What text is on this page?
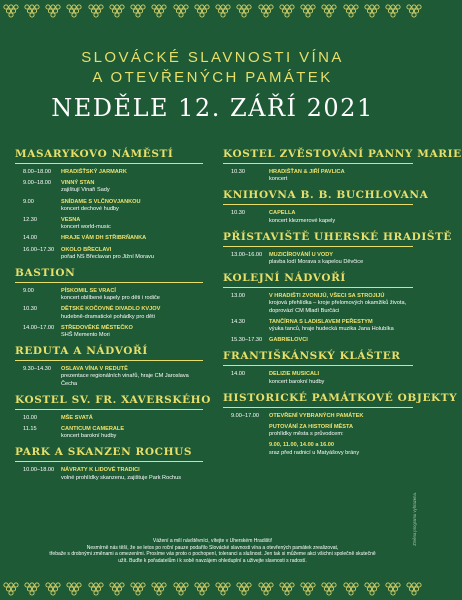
SLOVÁCKÉ SLAVNOSTI VÍNA
A OTEVŘENÝCH PAMÁTEK
NEDĚLE 12. ZÁŘÍ 2021
MASARYKOVO NÁMĚSTÍ
8.00–18.00	HRADIŠŤSKÝ JARMARK
9.00–18.00	VINNÝ STAN
zajištují Vinaři Sady
9.00	SNÍDAME S VLČNOVJANKOU
koncert dechové hudby
12.30	VESNA
koncert world-music
14.00	HRAJE VÁM DH STŘIBRŇANKA
16.00–17.30	OKOLO BŘECLAVI
pořad NS Břeclavan pro Jižní Moravu
BASTION
9.00	PÍSKOMIL SE VRACÍ
koncert oblíbené kapely pro děti i rodiče
10.30	DĚTSKÉ KOČOVNÉ DIVADLO KVJOV
hudebně-dramatické pohádky pro děti
14.00–17.00	STŘEDOVĚKÉ MĚSTEČKO
SHŠ Memento Mori
REDUTA A NÁDVOŘÍ
9.30–14.30	OSLAVA VÍNA V REDUTĚ
prezentace regionálních vinařů, hraje CM Jaroslava Čecha
KOSTEL SV. FR. XAVERSKÉHO
10.00	MŠE SVATÁ
11.15	CANTICUM CAMERALE
koncert barokní hudby
PARK A SKANZEN ROCHUS
10.00–18.00	NÁVRATY K LIDOVÉ TRADICI
volné prohlídky skanzenu, zajištuje Park Rochus
KOSTEL ZVĚSTOVÁNÍ PANNY MARIE
10.30	HRADIŠŤAN & JIŘÍ PAVLICA
koncert
KNIHOVNA B. B. BUCHLOVANA
10.30	CAPELLA
koncert klezmerové kapely
PŘÍSTAVIŠTĚ UHERSKÉ HRADIŠTĚ
13.00–16.00	MUZICÍROVÁNÍ U VODY
plavba lodí Morava s kapelou Děvčice
KOLEJNÍ NÁDVOŘÍ
13.00	V HRADIŠTI ZVONIJÚ, VŠECI SA STROJIJÚ
krojová přehlídka – kroje přelomových okamžiků života, doprovází CM Mladí Burčáci
14.30	TANČÍRNA S LADISLAVEM PEŘESTYM
výuka tanců, hraje hudecká muzika Jana Holubíka
15.30–17.30	GABRIELOVCI
FRANTIŠKÁNSKÝ KLÁŠTER
14.00	DELIZIE MUSICALI
koncert barokní hudby
HISTORICKÉ PAMÁTKOVÉ OBJEKTY
9.00–17.00	OTEVŘENÍ VYBRANÝCH PAMÁTEK
PUTOVÁNÍ ZA HISTORIÍ MĚSTA
prohlídky města s průvodcem:
9.00, 11.00, 14.00 a 16.00
sraz před radnicí u Matyášovy brány
Vážení a milí návštěvníci, vítejte v Uherském Hradišti!
Nesmírně nás těší, že se letos po roční pauze podařilo Slovácké slavnosti vína a otevřených památek zrealizovat,
třebaže s drobnými změnami a omezeními. Prosíme vás proto o pochopení, toleranci a slušnost. Jen tak si můžeme akci všichni společně skutečně
užít. Buďte k pořadatelům i k sobě navzájem ohleduplní a uživejte slavnosti s radostí.
Změna programu vyhrazena.
